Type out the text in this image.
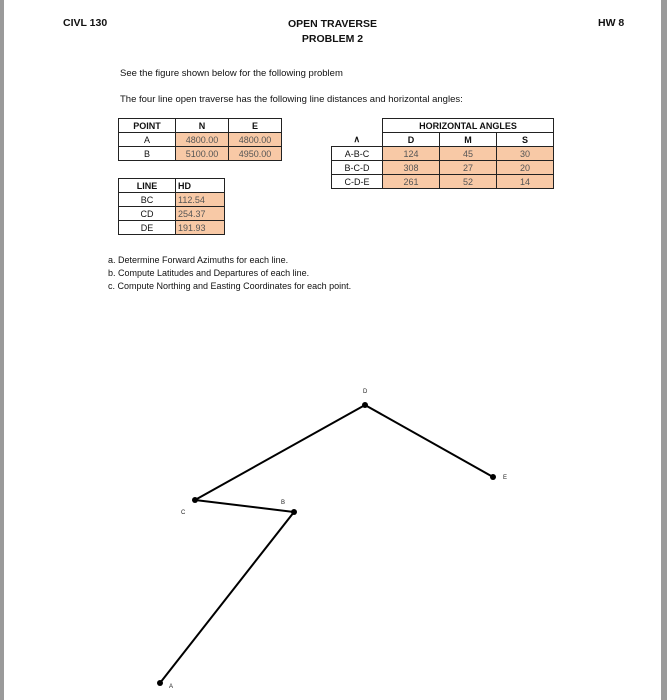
CIVL 130	OPEN TRAVERSE
PROBLEM 2
HW 8
See the figure shown below for the following problem
The four line open traverse has the following line distances and horizontal angles:
POINT	N	E
A	4800.00	4800.00
B	5100.00	4950.00
	HORIZONTAL ANGLES		
∧	D	M	S
A-B-C	124	45	30
B-C-D	308	27	20
C-D-E	261	52	14
LINE	HD
BC	112.54
CD	254.37
DE	191.93
a. Determine Forward Azimuths for each line.
b. Compute Latitudes and Departures of each line.
c. Compute Northing and Easting Coordinates for each point.
A
B
C
D
E
